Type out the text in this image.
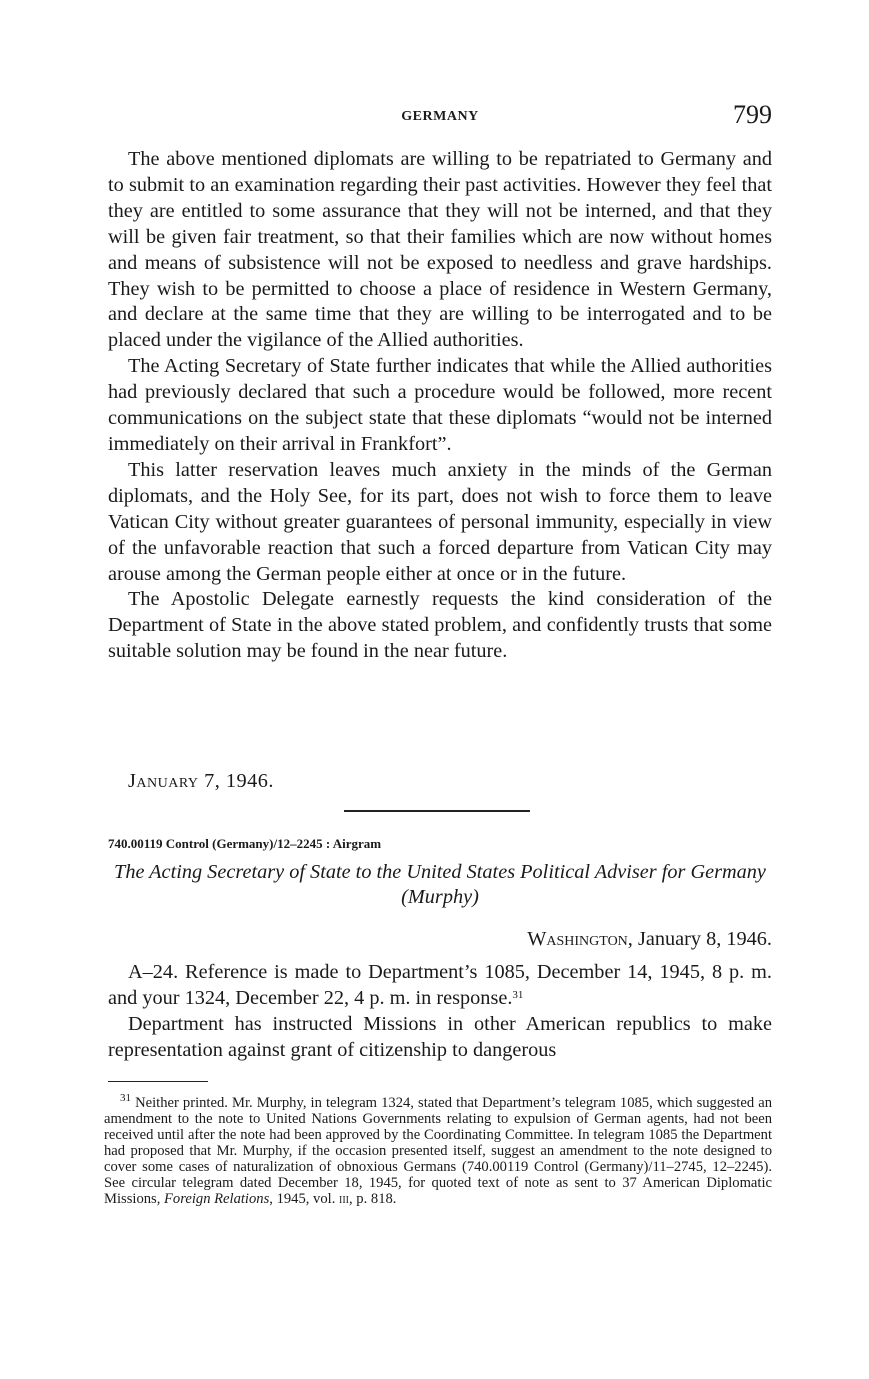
GERMANY	799

The above mentioned diplomats are willing to be repatriated to Germany and to submit to an examination regarding their past activities. However they feel that they are entitled to some assurance that they will not be interned, and that they will be given fair treatment, so that their families which are now without homes and means of subsistence will not be exposed to needless and grave hardships. They wish to be permitted to choose a place of residence in Western Germany, and declare at the same time that they are willing to be interrogated and to be placed under the vigilance of the Allied authorities.

The Acting Secretary of State further indicates that while the Allied authorities had previously declared that such a procedure would be followed, more recent communications on the subject state that these diplomats “would not be interned immediately on their arrival in Frankfort”.

This latter reservation leaves much anxiety in the minds of the German diplomats, and the Holy See, for its part, does not wish to force them to leave Vatican City without greater guarantees of personal immunity, especially in view of the unfavorable reaction that such a forced departure from Vatican City may arouse among the German people either at once or in the future.

The Apostolic Delegate earnestly requests the kind consideration of the Department of State in the above stated problem, and confidently trusts that some suitable solution may be found in the near future.

January 7, 1946.
740.00119 Control (Germany)/12–2245 : Airgram
The Acting Secretary of State to the United States Political Adviser for Germany (Murphy)
Washington, January 8, 1946.

A–24. Reference is made to Department’s 1085, December 14, 1945, 8 p. m. and your 1324, December 22, 4 p. m. in response.$^{31}$

Department has instructed Missions in other American republics to make representation against grant of citizenship to dangerous

$^{31}$ Neither printed. Mr. Murphy, in telegram 1324, stated that Department’s telegram 1085, which suggested an amendment to the note to United Nations Governments relating to expulsion of German agents, had not been received until after the note had been approved by the Coordinating Committee. In telegram 1085 the Department had proposed that Mr. Murphy, if the occasion presented itself, suggest an amendment to the note designed to cover some cases of naturalization of obnoxious Germans (740.00119 Control (Germany)/11–2745, 12–2245). See circular telegram dated December 18, 1945, for quoted text of note as sent to 37 American Diplomatic Missions, Foreign Relations, 1945, vol. iii, p. 818.
